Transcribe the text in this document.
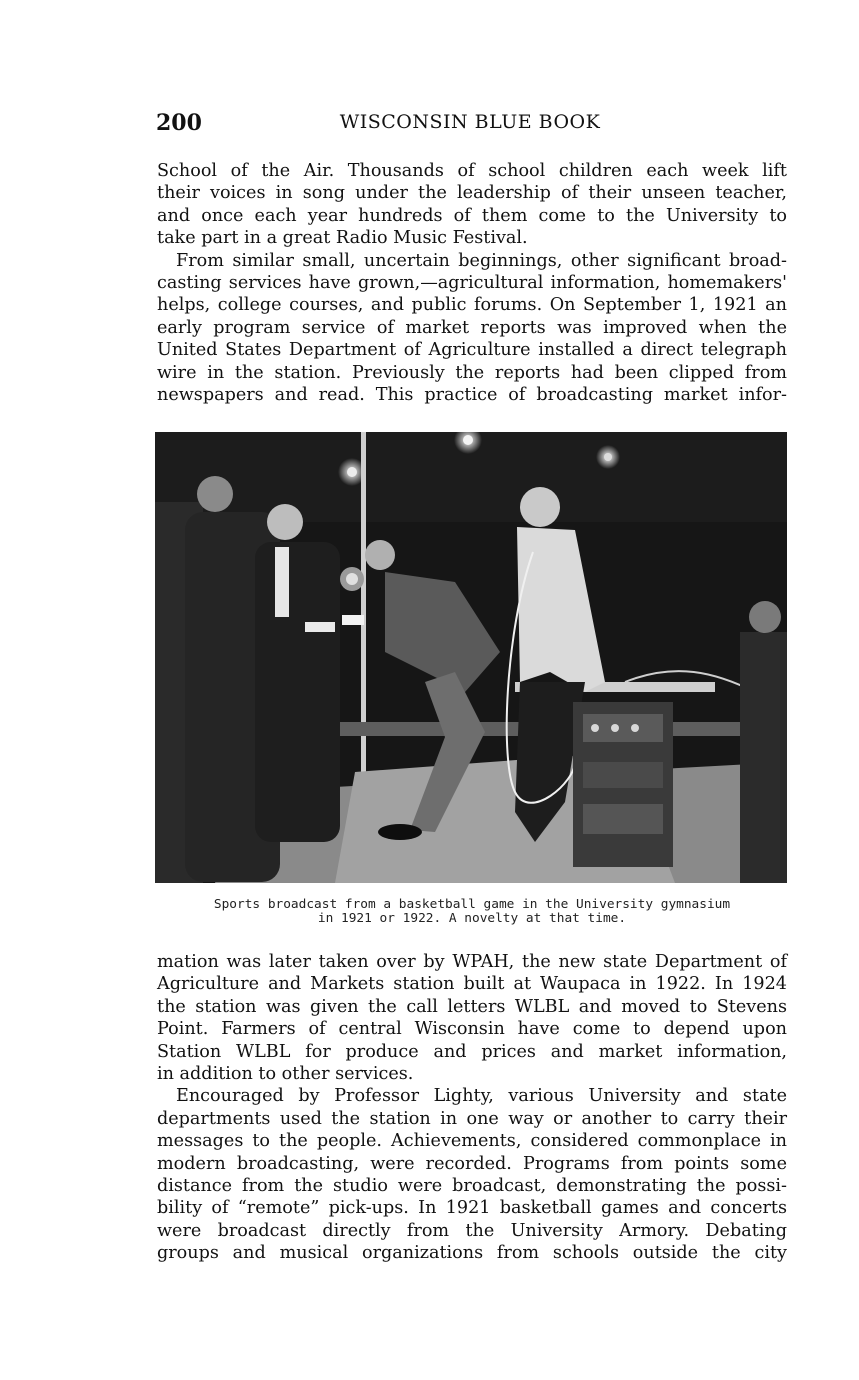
200	WISCONSIN BLUE BOOK

School of the Air. Thousands of school children each week lift

their voices in song under the leadership of their unseen teacher,

and once each year hundreds of them come to the University to

take part in a great Radio Music Festival.

From similar small, uncertain beginnings, other significant broad-

casting services have grown,—agricultural information, homemakers'

helps, college courses, and public forums. On September 1, 1921 an

early program service of market reports was improved when the

United States Department of Agriculture installed a direct telegraph

wire in the station. Previously the reports had been clipped from

newspapers and read. This practice of broadcasting market infor-

Sports broadcast from a basketball game in the University gymnasium
in 1921 or 1922. A novelty at that time.

mation was later taken over by WPAH, the new state Department of

Agriculture and Markets station built at Waupaca in 1922. In 1924

the station was given the call letters WLBL and moved to Stevens

Point. Farmers of central Wisconsin have come to depend upon

Station WLBL for produce and prices and market information,

in addition to other services.

Encouraged by Professor Lighty, various University and state

departments used the station in one way or another to carry their

messages to the people. Achievements, considered commonplace in

modern broadcasting, were recorded. Programs from points some

distance from the studio were broadcast, demonstrating the possi-

bility of “remote” pick-ups. In 1921 basketball games and concerts

were broadcast directly from the University Armory. Debating

groups and musical organizations from schools outside the city
